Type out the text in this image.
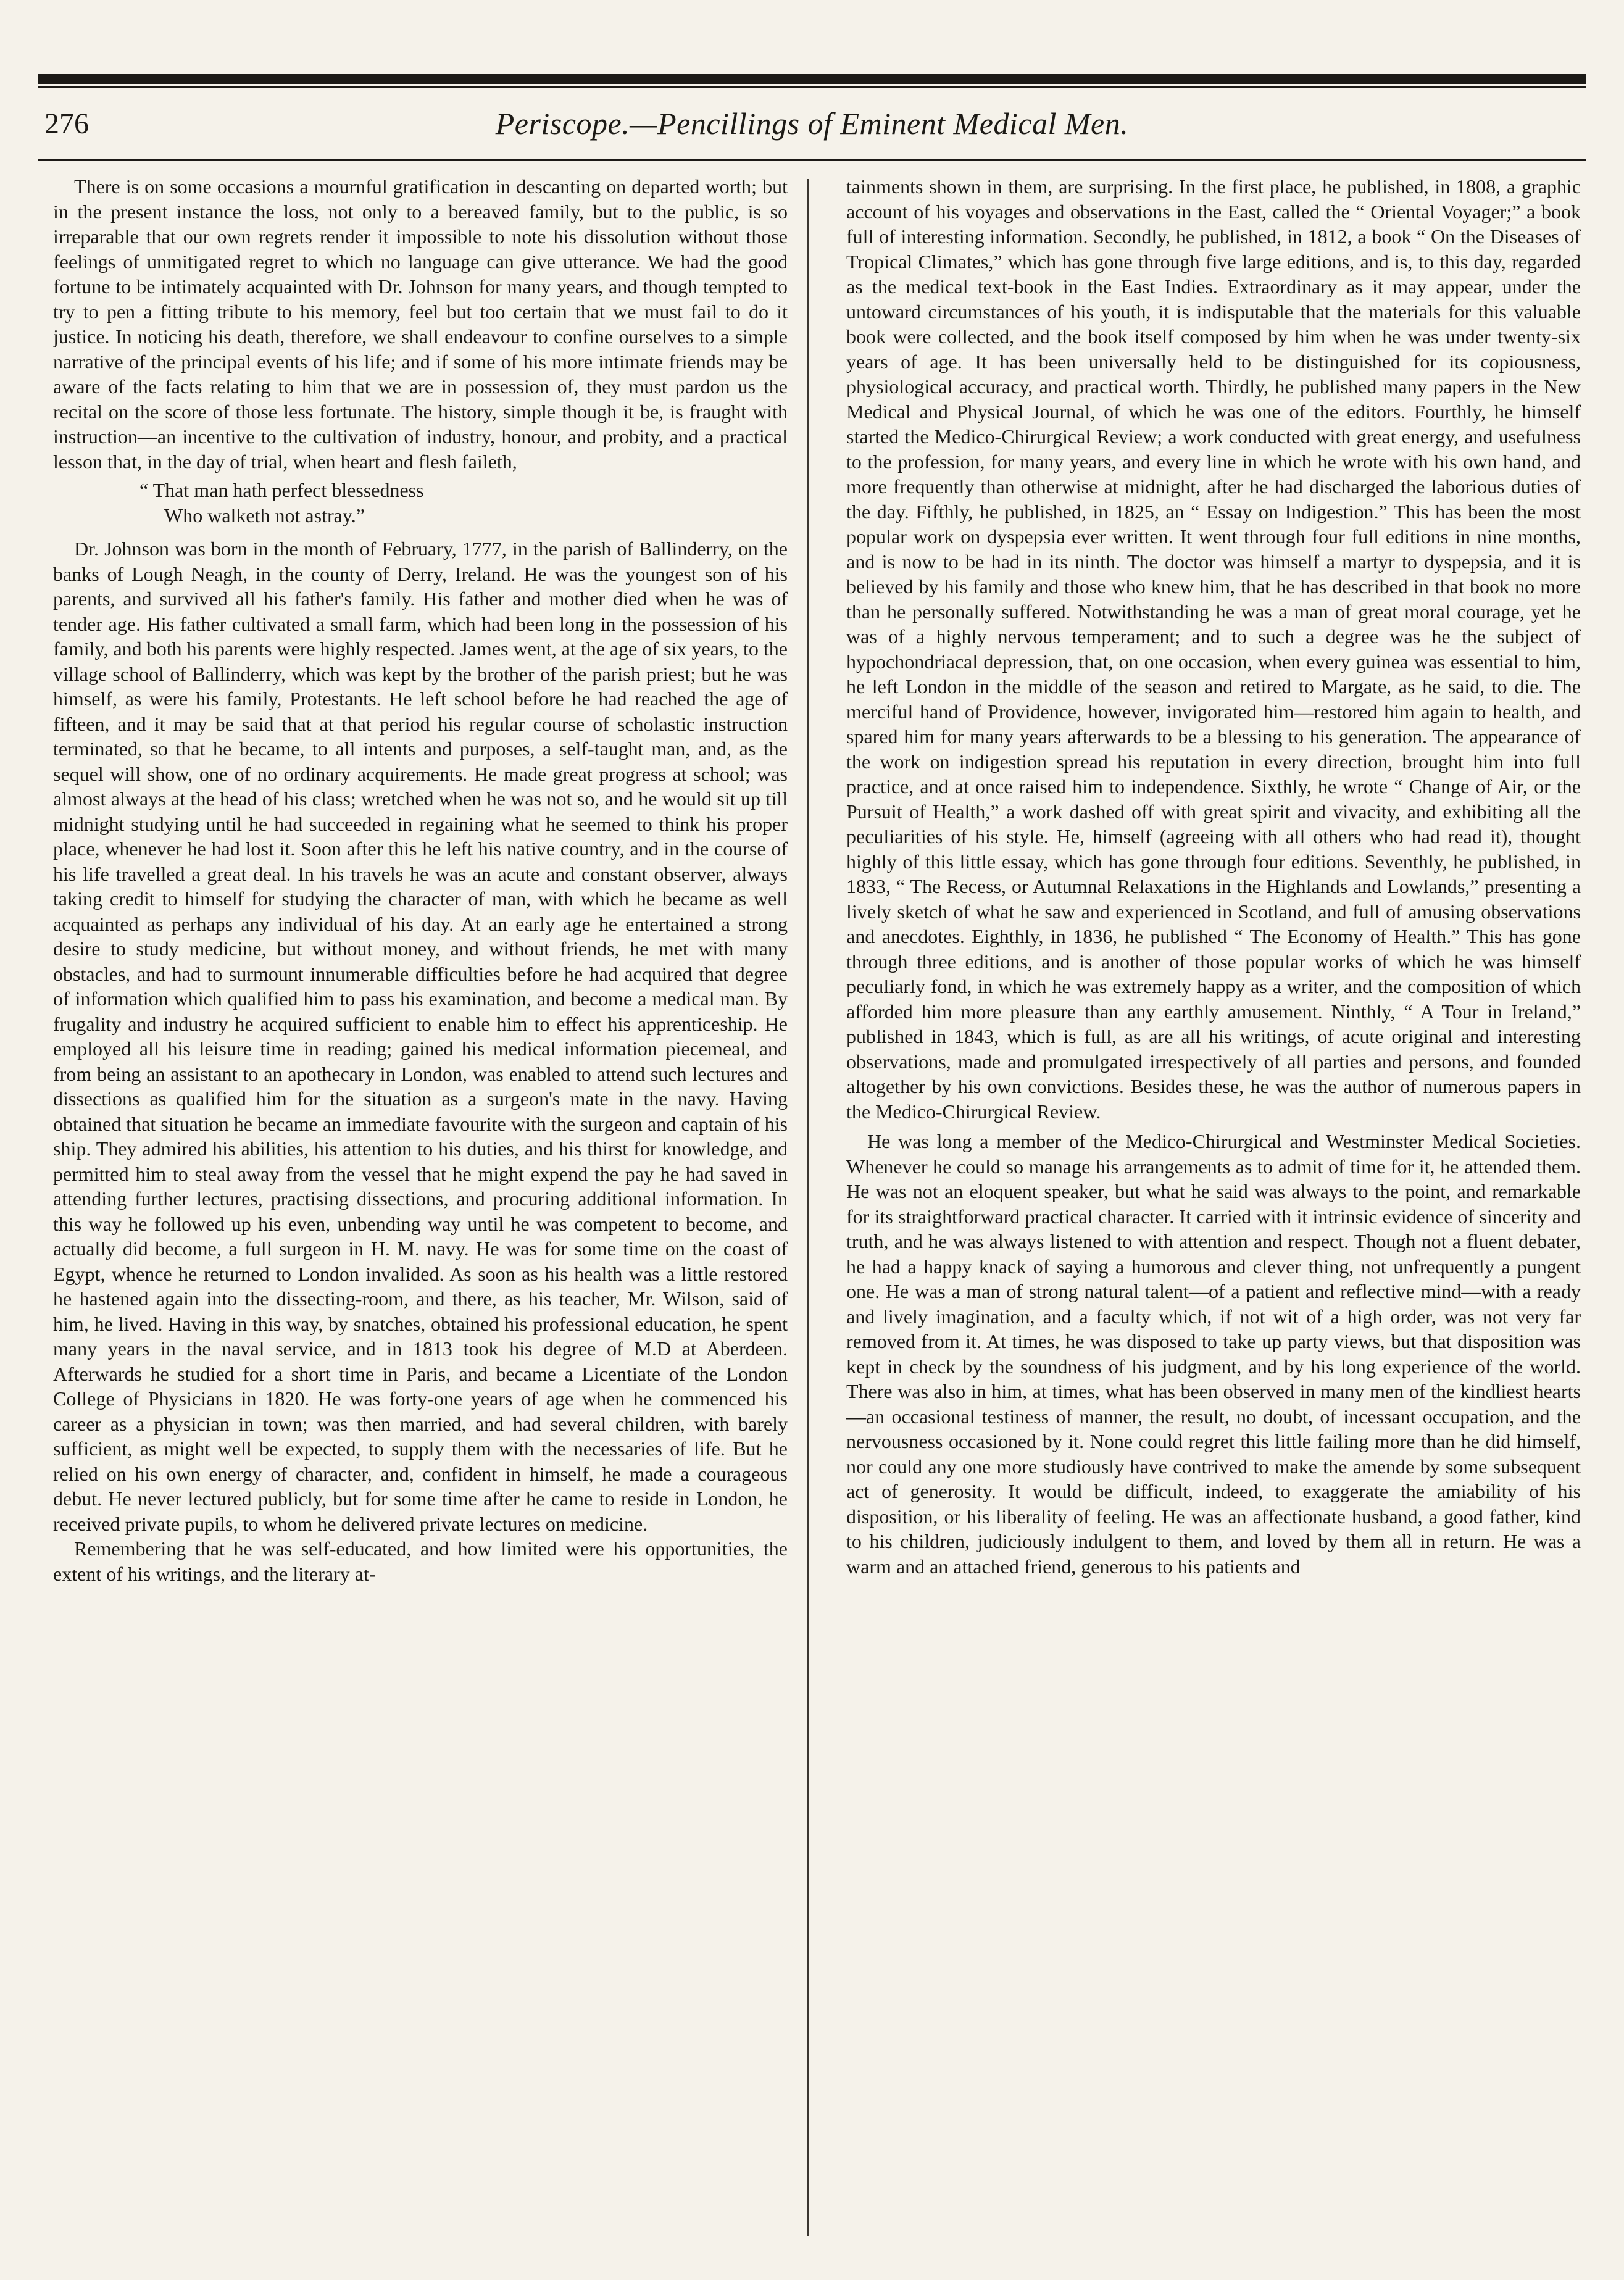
276	Periscope.—Pencillings of Eminent Medical Men.

There is on some occasions a mournful gratification in descanting on departed worth; but in the present instance the loss, not only to a bereaved family, but to the public, is so irreparable that our own regrets render it impossible to note his dissolution without those feelings of unmitigated regret to which no language can give utterance. We had the good fortune to be intimately acquainted with Dr. Johnson for many years, and though tempted to try to pen a fitting tribute to his memory, feel but too certain that we must fail to do it justice. In noticing his death, therefore, we shall endeavour to confine ourselves to a simple narrative of the principal events of his life; and if some of his more intimate friends may be aware of the facts relating to him that we are in possession of, they must pardon us the recital on the score of those less fortunate. The history, simple though it be, is fraught with instruction—an incentive to the cultivation of industry, honour, and probity, and a practical lesson that, in the day of trial, when heart and flesh faileth,

“ That man hath perfect blessedness
Who walketh not astray.”

Dr. Johnson was born in the month of February, 1777, in the parish of Ballinderry, on the banks of Lough Neagh, in the county of Derry, Ireland. He was the youngest son of his parents, and survived all his father's family. His father and mother died when he was of tender age. His father cultivated a small farm, which had been long in the possession of his family, and both his parents were highly respected. James went, at the age of six years, to the village school of Ballinderry, which was kept by the brother of the parish priest; but he was himself, as were his family, Protestants. He left school before he had reached the age of fifteen, and it may be said that at that period his regular course of scholastic instruction terminated, so that he became, to all intents and purposes, a self-taught man, and, as the sequel will show, one of no ordinary acquirements. He made great progress at school; was almost always at the head of his class; wretched when he was not so, and he would sit up till midnight studying until he had succeeded in regaining what he seemed to think his proper place, whenever he had lost it. Soon after this he left his native country, and in the course of his life travelled a great deal. In his travels he was an acute and constant observer, always taking credit to himself for studying the character of man, with which he became as well acquainted as perhaps any individual of his day. At an early age he entertained a strong desire to study medicine, but without money, and without friends, he met with many obstacles, and had to surmount innumerable difficulties before he had acquired that degree of information which qualified him to pass his examination, and become a medical man. By frugality and industry he acquired sufficient to enable him to effect his apprenticeship. He employed all his leisure time in reading; gained his medical information piecemeal, and from being an assistant to an apothecary in London, was enabled to attend such lectures and dissections as qualified him for the situation as a surgeon's mate in the navy. Having obtained that situation he became an immediate favourite with the surgeon and captain of his ship. They admired his abilities, his attention to his duties, and his thirst for knowledge, and permitted him to steal away from the vessel that he might expend the pay he had saved in attending further lectures, practising dissections, and procuring additional information. In this way he followed up his even, unbending way until he was competent to become, and actually did become, a full surgeon in H. M. navy. He was for some time on the coast of Egypt, whence he returned to London invalided. As soon as his health was a little restored he hastened again into the dissecting-room, and there, as his teacher, Mr. Wilson, said of him, he lived. Having in this way, by snatches, obtained his professional education, he spent many years in the naval service, and in 1813 took his degree of M.D at Aberdeen. Afterwards he studied for a short time in Paris, and became a Licentiate of the London College of Physicians in 1820. He was forty-one years of age when he commenced his career as a physician in town; was then married, and had several children, with barely sufficient, as might well be expected, to supply them with the necessaries of life. But he relied on his own energy of character, and, confident in himself, he made a courageous debut. He never lectured publicly, but for some time after he came to reside in London, he received private pupils, to whom he delivered private lectures on medicine.

Remembering that he was self-educated, and how limited were his opportunities, the extent of his writings, and the literary at-

tainments shown in them, are surprising. In the first place, he published, in 1808, a graphic account of his voyages and observations in the East, called the “ Oriental Voyager;” a book full of interesting information. Secondly, he published, in 1812, a book “ On the Diseases of Tropical Climates,” which has gone through five large editions, and is, to this day, regarded as the medical text-book in the East Indies. Extraordinary as it may appear, under the untoward circumstances of his youth, it is indisputable that the materials for this valuable book were collected, and the book itself composed by him when he was under twenty-six years of age. It has been universally held to be distinguished for its copiousness, physiological accuracy, and practical worth. Thirdly, he published many papers in the New Medical and Physical Journal, of which he was one of the editors. Fourthly, he himself started the Medico-Chirurgical Review; a work conducted with great energy, and usefulness to the profession, for many years, and every line in which he wrote with his own hand, and more frequently than otherwise at midnight, after he had discharged the laborious duties of the day. Fifthly, he published, in 1825, an “ Essay on Indigestion.” This has been the most popular work on dyspepsia ever written. It went through four full editions in nine months, and is now to be had in its ninth. The doctor was himself a martyr to dyspepsia, and it is believed by his family and those who knew him, that he has described in that book no more than he personally suffered. Notwithstanding he was a man of great moral courage, yet he was of a highly nervous temperament; and to such a degree was he the subject of hypochondriacal depression, that, on one occasion, when every guinea was essential to him, he left London in the middle of the season and retired to Margate, as he said, to die. The merciful hand of Providence, however, invigorated him—restored him again to health, and spared him for many years afterwards to be a blessing to his generation. The appearance of the work on indigestion spread his reputation in every direction, brought him into full practice, and at once raised him to independence. Sixthly, he wrote “ Change of Air, or the Pursuit of Health,” a work dashed off with great spirit and vivacity, and exhibiting all the peculiarities of his style. He, himself (agreeing with all others who had read it), thought highly of this little essay, which has gone through four editions. Seventhly, he published, in 1833, “ The Recess, or Autumnal Relaxations in the Highlands and Lowlands,” presenting a lively sketch of what he saw and experienced in Scotland, and full of amusing observations and anecdotes. Eighthly, in 1836, he published “ The Economy of Health.” This has gone through three editions, and is another of those popular works of which he was himself peculiarly fond, in which he was extremely happy as a writer, and the composition of which afforded him more pleasure than any earthly amusement. Ninthly, “ A Tour in Ireland,” published in 1843, which is full, as are all his writings, of acute original and interesting observations, made and promulgated irrespectively of all parties and persons, and founded altogether by his own convictions. Besides these, he was the author of numerous papers in the Medico-Chirurgical Review.

He was long a member of the Medico-Chirurgical and Westminster Medical Societies. Whenever he could so manage his arrangements as to admit of time for it, he attended them. He was not an eloquent speaker, but what he said was always to the point, and remarkable for its straightforward practical character. It carried with it intrinsic evidence of sincerity and truth, and he was always listened to with attention and respect. Though not a fluent debater, he had a happy knack of saying a humorous and clever thing, not unfrequently a pungent one. He was a man of strong natural talent—of a patient and reflective mind—with a ready and lively imagination, and a faculty which, if not wit of a high order, was not very far removed from it. At times, he was disposed to take up party views, but that disposition was kept in check by the soundness of his judgment, and by his long experience of the world. There was also in him, at times, what has been observed in many men of the kindliest hearts—an occasional testiness of manner, the result, no doubt, of incessant occupation, and the nervousness occasioned by it. None could regret this little failing more than he did himself, nor could any one more studiously have contrived to make the amende by some subsequent act of generosity. It would be difficult, indeed, to exaggerate the amiability of his disposition, or his liberality of feeling. He was an affectionate husband, a good father, kind to his children, judiciously indulgent to them, and loved by them all in return. He was a warm and an attached friend, generous to his patients and
